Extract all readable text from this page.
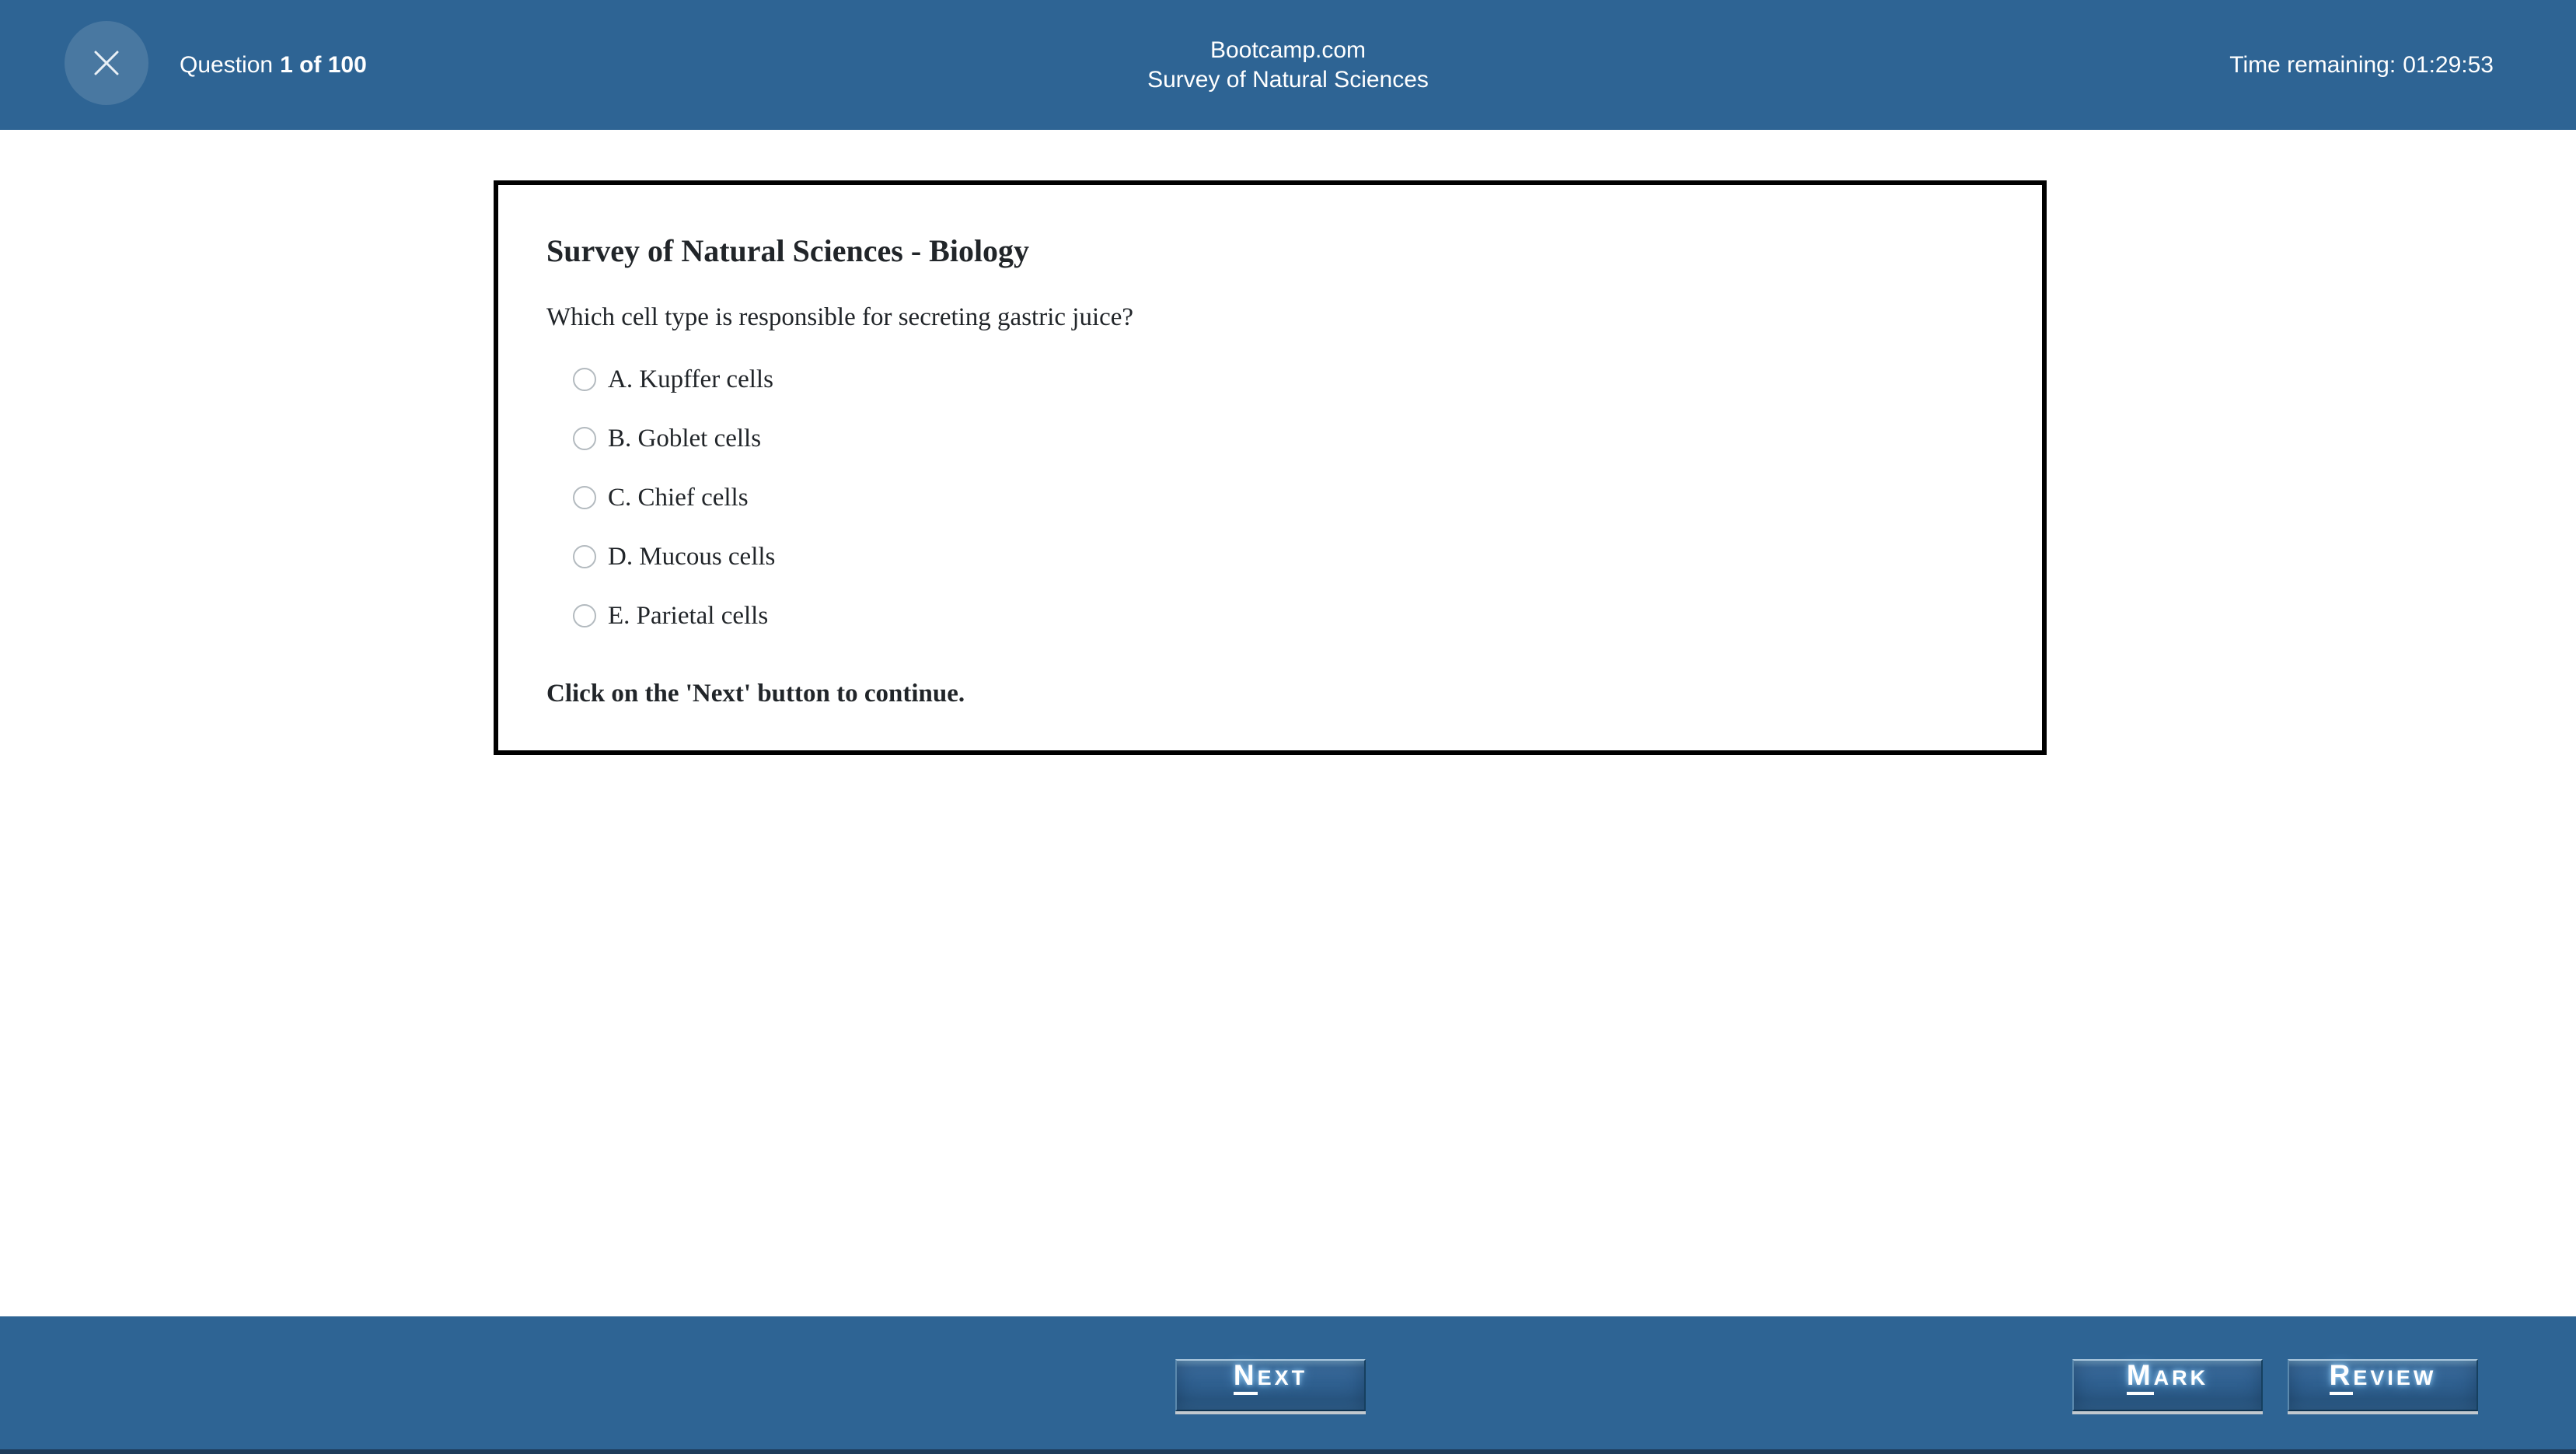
Question 1 of 100
Bootcamp.com
Survey of Natural Sciences
Time remaining: 01:29:53
Survey of Natural Sciences - Biology

Which cell type is responsible for secreting gastric juice?

A. Kupffer cells
B. Goblet cells
C. Chief cells
D. Mucous cells
E. Parietal cells

Click on the 'Next' button to continue.

N EXT	M ARK	R EVIEW
